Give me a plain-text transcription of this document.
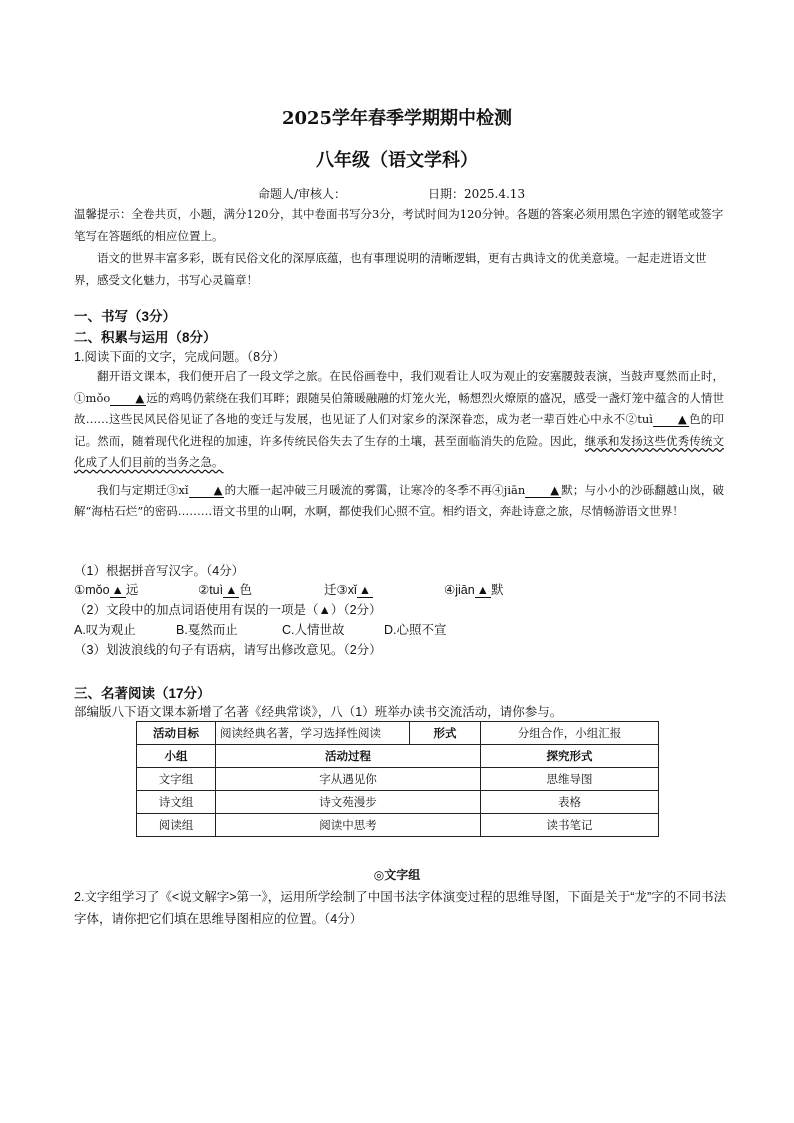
2025学年春季学期期中检测
八年级（语文学科）
命题人/审核人：	日期：2025.4.13

温馨提示：全卷共页，小题，满分120分，其中卷面书写分3分，考试时间为120分钟。各题的答案必须用黑色字迹的钢笔或签字笔写在答题纸的相应位置上。

语文的世界丰富多彩，既有民俗文化的深厚底蕴，也有事理说明的清晰逻辑，更有古典诗文的优美意境。一起走进语文世界，感受文化魅力，书写心灵篇章！

一、书写（3分）
二、积累与运用（8分）
1.阅读下面的文字，完成问题。（8分）

翻开语文课本，我们便开启了一段文学之旅。在民俗画卷中，我们观看让人叹为观止的安塞腰鼓表演，当鼓声戛然而止时，①mǒo ▲ 远的鸡鸣仍萦绕在我们耳畔；跟随吴伯箫暖融融的灯笼火光，畅想烈火燎原的盛况，感受一盏灯笼中蕴含的人情世故……这些民风民俗见证了各地的变迁与发展，也见证了人们对家乡的深深眷恋，成为老一辈百姓心中永不②tuì ▲ 色的印记。然而，随着现代化进程的加速，许多传统民俗失去了生存的土壤，甚至面临消失的危险。因此，继承和发扬这些优秀传统文化成了人们目前的当务之急。

我们与定期迁③xǐ ▲ 的大雁一起冲破三月暖流的雾霭，让寒冷的冬季不再④jiān ▲ 默；与小小的沙砾翻越山岚，破解“海枯石烂”的密码………语文书里的山啊，水啊，都使我们心照不宣。相约语文，奔赴诗意之旅，尽情畅游语文世界！

（1）根据拼音写汉字。（4分）
①mǒo ▲ 远	②tuì ▲ 色	迁③xǐ ▲	④jiān ▲ 默
（2）文段中的加点词语使用有误的一项是（▲）（2分）
A.叹为观止	B.戛然而止	C.人情世故	D.心照不宣
（3）划波浪线的句子有语病，请写出修改意见。（2分）
三、名著阅读（17分）
部编版八下语文课本新增了名著《经典常谈》，八（1）班举办读书交流活动，请你参与。
活动目标	阅读经典名著，学习选择性阅读	形式	分组合作，小组汇报
小组	活动过程		探究形式
文字组	字从遇见你		思维导图
诗文组	诗文苑漫步		表格
阅读组	阅读中思考		读书笔记
◎文字组
2.文字组学习了《<说文解字>第一》，运用所学绘制了中国书法字体演变过程的思维导图，下面是关于“龙”字的不同书法字体，请你把它们填在思维导图相应的位置。（4分）
